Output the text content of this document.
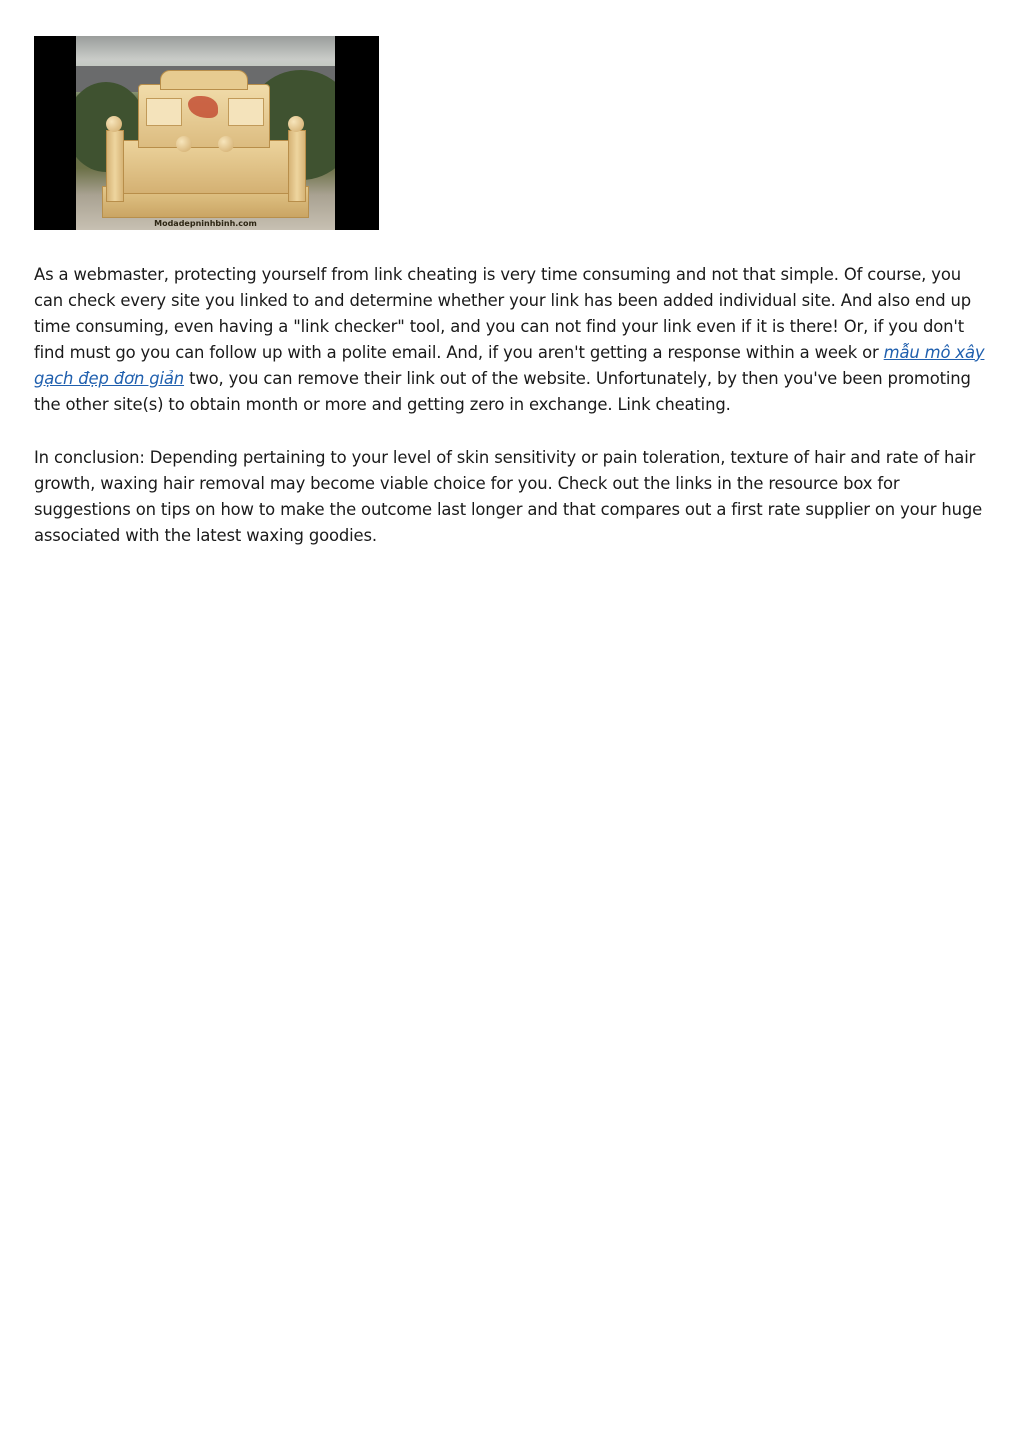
Modadepninhbinh.com

As a webmaster, protecting yourself from link cheating is very time consuming and not that simple. Of course, you can check every site you linked to and determine whether your link has been added individual site. And also end up time consuming, even having a "link checker" tool, and you can not find your link even if it is there! Or, if you don't find must go you can follow up with a polite email. And, if you aren't getting a response within a week or mẫu mô xây gạch đẹp đơn giản two, you can remove their link out of the website. Unfortunately, by then you've been promoting the other site(s) to obtain month or more and getting zero in exchange. Link cheating.

In conclusion: Depending pertaining to your level of skin sensitivity or pain toleration, texture of hair and rate of hair growth, waxing hair removal may become viable choice for you. Check out the links in the resource box for suggestions on tips on how to make the outcome last longer and that compares out a first rate supplier on your huge associated with the latest waxing goodies.
